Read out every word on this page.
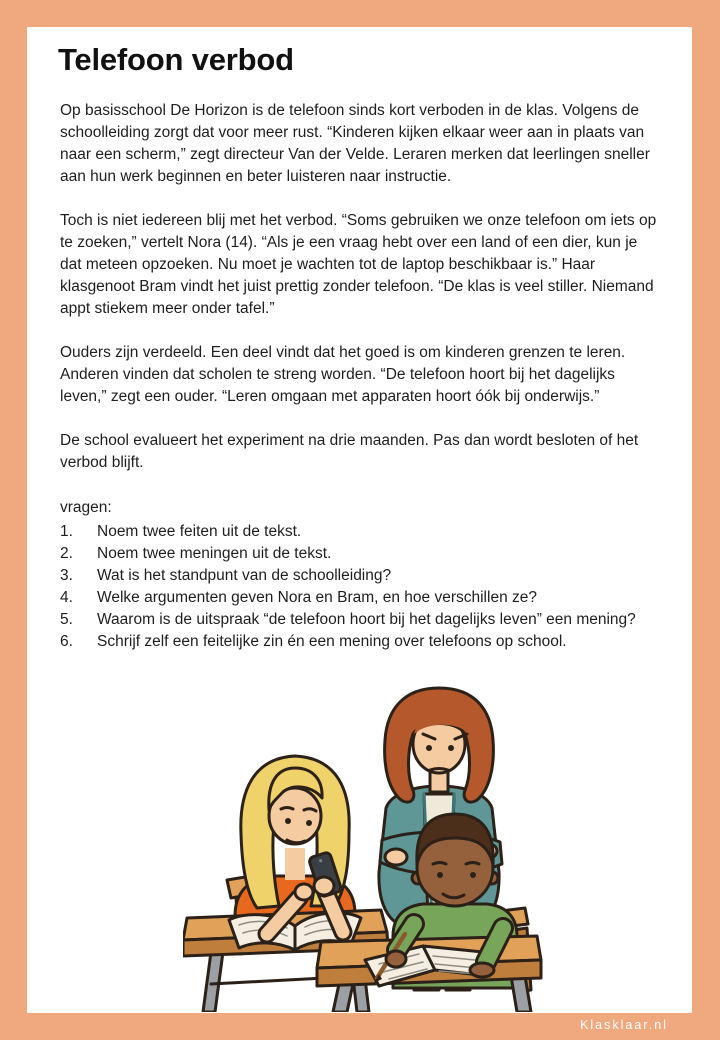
Telefoon verbod

Op basisschool De Horizon is de telefoon sinds kort verboden in de klas. Volgens de schoolleiding zorgt dat voor meer rust. “Kinderen kijken elkaar weer aan in plaats van naar een scherm,” zegt directeur Van der Velde. Leraren merken dat leerlingen sneller aan hun werk beginnen en beter luisteren naar instructie.

Toch is niet iedereen blij met het verbod. “Soms gebruiken we onze telefoon om iets op te zoeken,” vertelt Nora (14). “Als je een vraag hebt over een land of een dier, kun je dat meteen opzoeken. Nu moet je wachten tot de laptop beschikbaar is.” Haar klasgenoot Bram vindt het juist prettig zonder telefoon. “De klas is veel stiller. Niemand appt stiekem meer onder tafel.”

Ouders zijn verdeeld. Een deel vindt dat het goed is om kinderen grenzen te leren. Anderen vinden dat scholen te streng worden. “De telefoon hoort bij het dagelijks leven,” zegt een ouder. “Leren omgaan met apparaten hoort óók bij onderwijs.”

De school evalueert het experiment na drie maanden. Pas dan wordt besloten of het verbod blijft.

vragen:

1.	Noem twee feiten uit de tekst.
2.	Noem twee meningen uit de tekst.
3.	Wat is het standpunt van de schoolleiding?
4.	Welke argumenten geven Nora en Bram, en hoe verschillen ze?
5.	Waarom is de uitspraak “de telefoon hoort bij het dagelijks leven” een mening?
6.	Schrijf zelf een feitelijke zin én een mening over telefoons op school.
Klasklaar.nl
